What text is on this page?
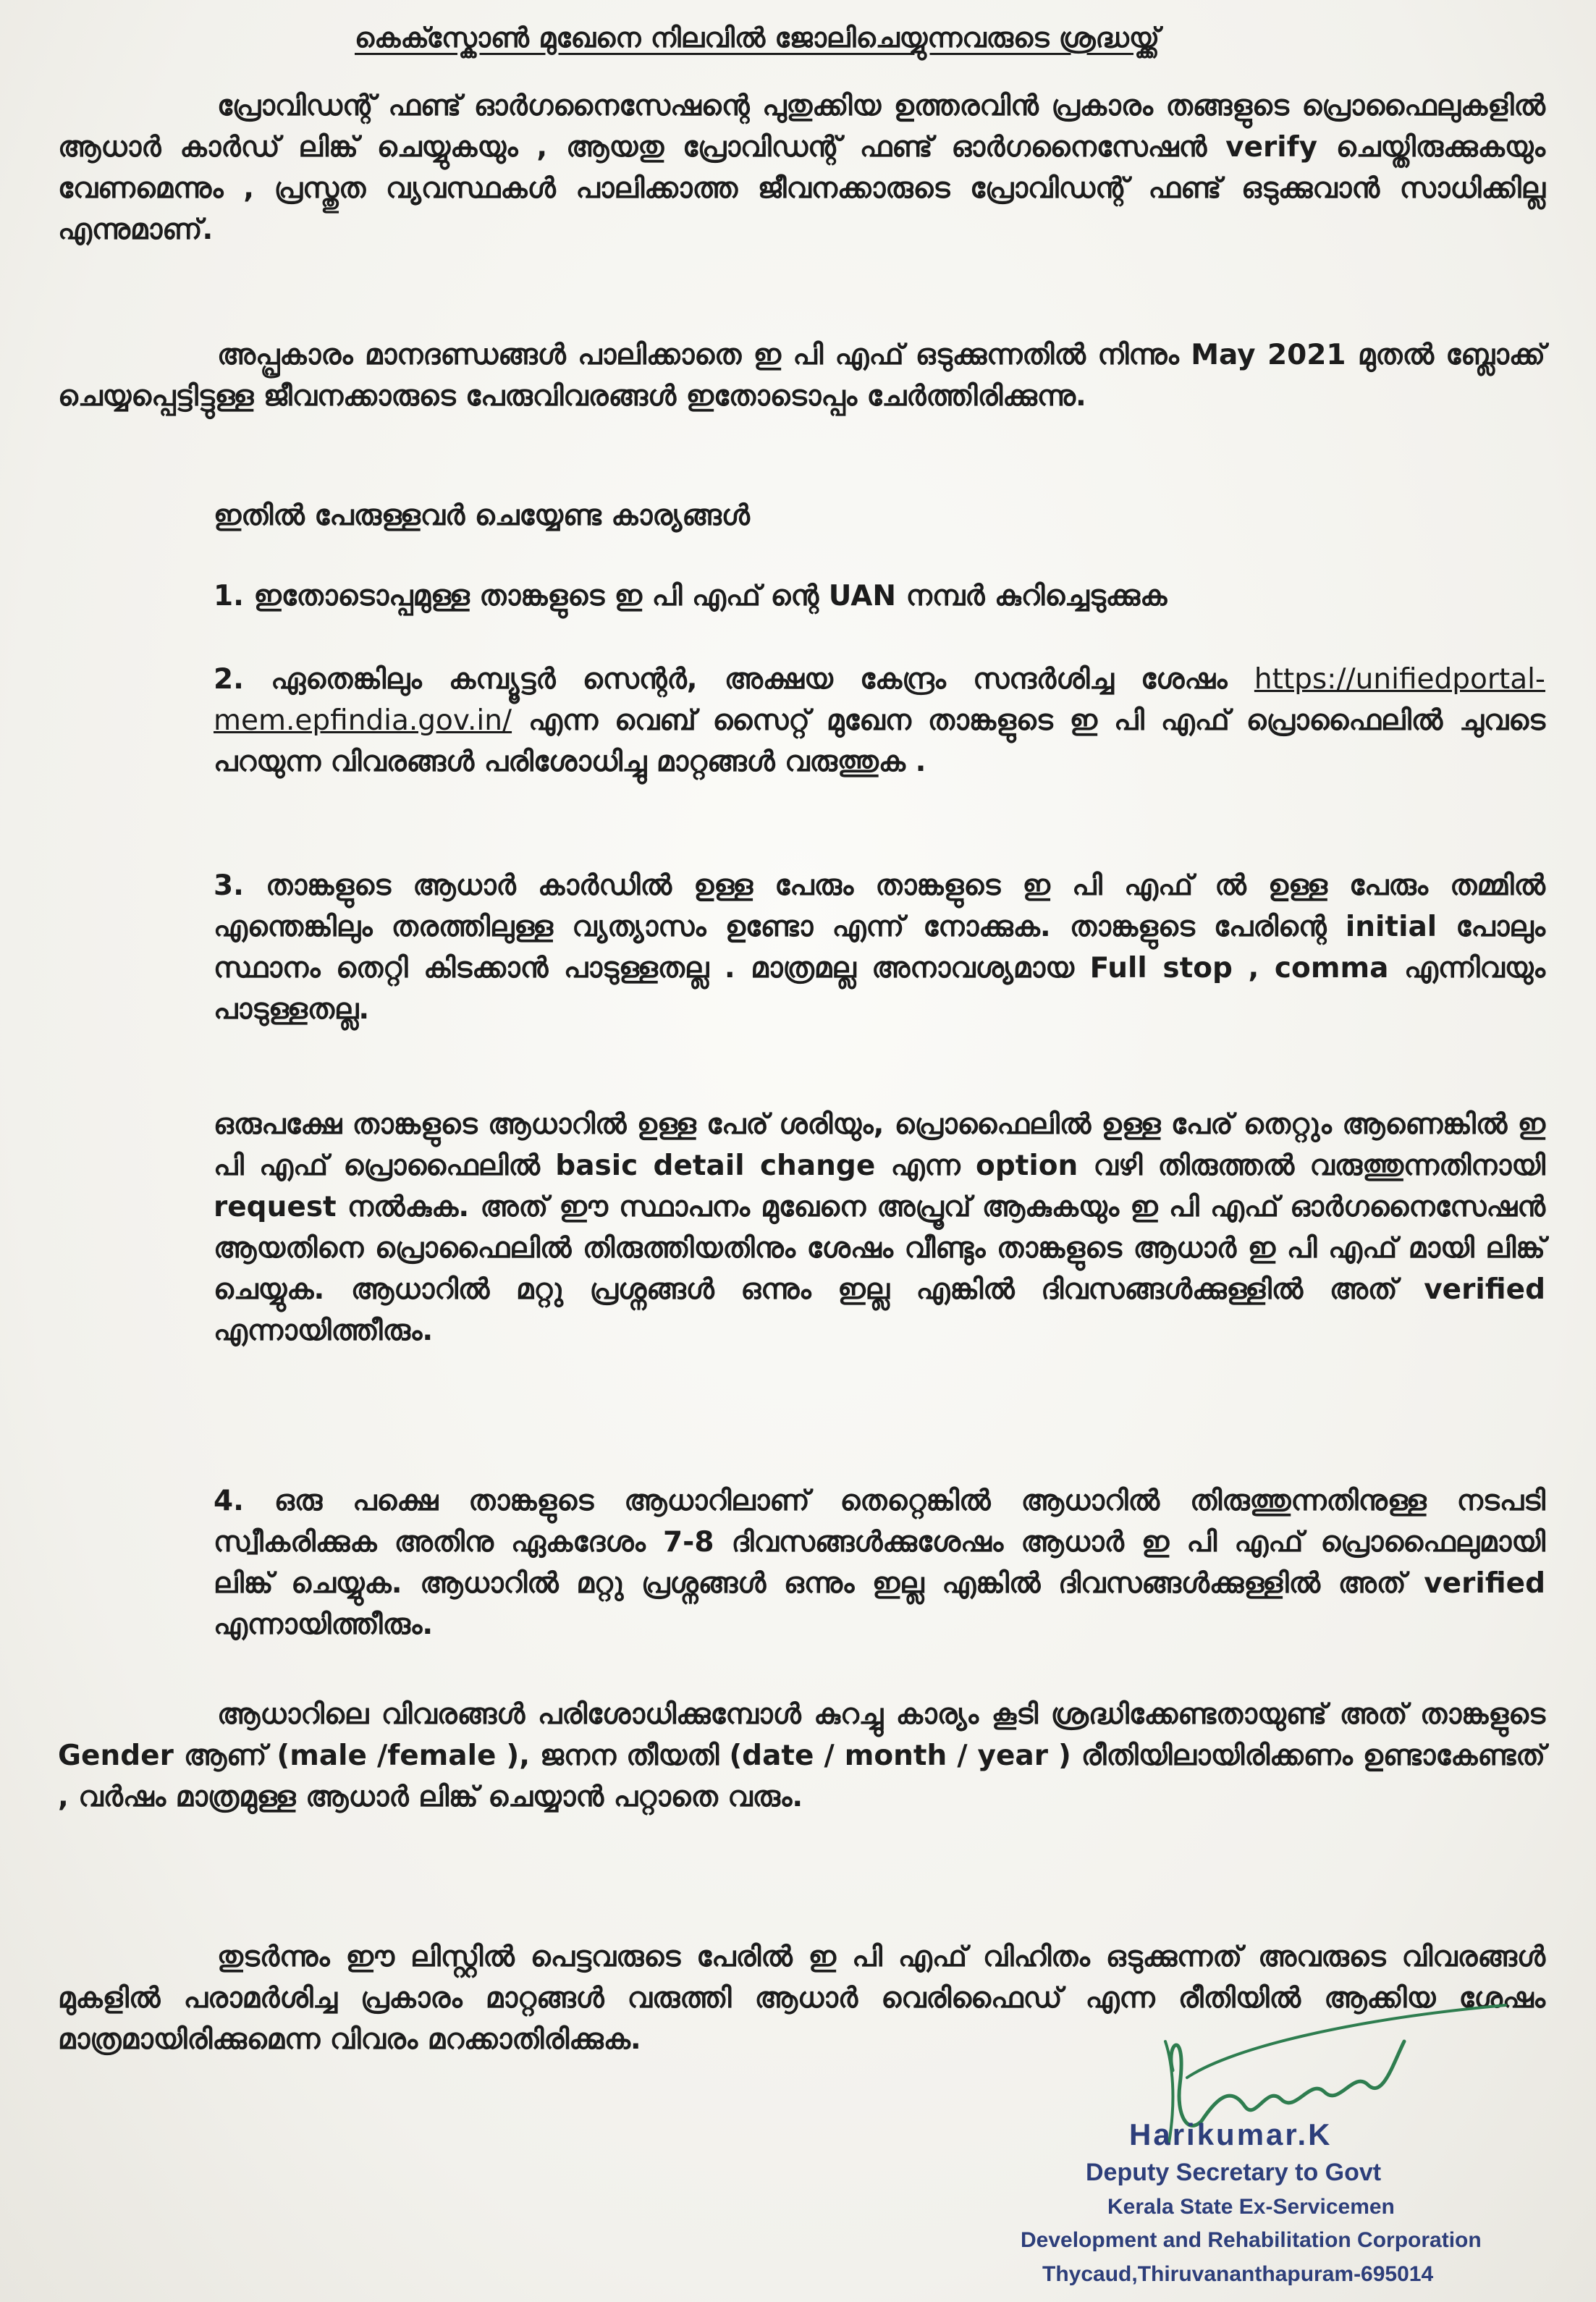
കെക്സ്കോൺ മുഖേനെ നിലവിൽ ജോലിചെയ്യുന്നവരുടെ ശ്രദ്ധയ്ക്ക്
പ്രോവിഡന്റ് ഫണ്ട് ഓർഗനൈസേഷന്റെ പുതുക്കിയ ഉത്തരവിൻ പ്രകാരം തങ്ങളുടെ പ്രൊഫൈലുകളിൽ ആധാർ കാർഡ് ലിങ്ക് ചെയ്യുകയും , ആയതു പ്രോവിഡന്റ് ഫണ്ട് ഓർഗനൈസേഷൻ verify ചെയ്തിരുക്കുകയും വേണമെന്നും , പ്രസ്തുത വ്യവസ്ഥകൾ പാലിക്കാത്ത ജീവനക്കാരുടെ പ്രോവിഡന്റ് ഫണ്ട് ഒടുക്കുവാൻ സാധിക്കില്ല എന്നുമാണ്.
അപ്പ്രകാരം മാനദണ്ഡങ്ങൾ പാലിക്കാതെ ഇ പി എഫ് ഒടുക്കുന്നതിൽ നിന്നും May 2021 മുതൽ ബ്ലോക്ക് ചെയ്യപ്പെട്ടിട്ടുള്ള ജീവനക്കാരുടെ പേരുവിവരങ്ങൾ ഇതോടൊപ്പം ചേർത്തിരിക്കുന്നു.
ഇതിൽ പേരുള്ളവർ ചെയ്യേണ്ട കാര്യങ്ങൾ
1. ഇതോടൊപ്പമുള്ള താങ്കളുടെ ഇ പി എഫ് ന്റെ UAN നമ്പർ കുറിച്ചെടുക്കുക
2. ഏതെങ്കിലും കമ്പ്യൂട്ടർ സെന്റർ, അക്ഷയ കേന്ദ്രം സന്ദർശിച്ച ശേഷം https://unifiedportal-mem.epfindia.gov.in/ എന്ന വെബ് സൈറ്റ് മുഖേന താങ്കളുടെ ഇ പി എഫ് പ്രൊഫൈലിൽ ചുവടെ പറയുന്ന വിവരങ്ങൾ പരിശോധിച്ചു മാറ്റങ്ങൾ വരുത്തുക .
3. താങ്കളുടെ ആധാർ കാർഡിൽ ഉള്ള പേരും താങ്കളുടെ ഇ പി എഫ് ൽ ഉള്ള പേരും തമ്മിൽ എന്തെങ്കിലും തരത്തിലുള്ള വ്യത്യാസം ഉണ്ടോ എന്ന് നോക്കുക. താങ്കളുടെ പേരിന്റെ initial പോലും സ്ഥാനം തെറ്റി കിടക്കാൻ പാടുള്ളതല്ല . മാത്രമല്ല അനാവശ്യമായ Full stop , comma എന്നിവയും പാടുള്ളതല്ല.
ഒരുപക്ഷേ താങ്കളുടെ ആധാറിൽ ഉള്ള പേര് ശരിയും, പ്രൊഫൈലിൽ ഉള്ള പേര് തെറ്റും ആണെങ്കിൽ ഇ പി എഫ് പ്രൊഫൈലിൽ basic detail change എന്ന option വഴി തിരുത്തൽ വരുത്തുന്നതിനായി request നൽകുക. അത് ഈ സ്ഥാപനം മുഖേനെ അപ്രൂവ് ആകുകയും ഇ പി എഫ് ഓർഗനൈസേഷൻ ആയതിനെ പ്രൊഫൈലിൽ തിരുത്തിയതിനും ശേഷം വീണ്ടും താങ്കളുടെ ആധാർ ഇ പി എഫ് മായി ലിങ്ക് ചെയ്യുക. ആധാറിൽ മറ്റു പ്രശ്നങ്ങൾ ഒന്നും ഇല്ല എങ്കിൽ ദിവസങ്ങൾക്കുള്ളിൽ അത് verified എന്നായിത്തീരും.
4. ഒരു പക്ഷെ താങ്കളുടെ ആധാറിലാണ് തെറ്റെങ്കിൽ ആധാറിൽ തിരുത്തുന്നതിനുള്ള നടപടി സ്വീകരിക്കുക അതിനു ഏകദേശം 7-8 ദിവസങ്ങൾക്കുശേഷം ആധാർ ഇ പി എഫ് പ്രൊഫൈലുമായി ലിങ്ക് ചെയ്യുക. ആധാറിൽ മറ്റു പ്രശ്നങ്ങൾ ഒന്നും ഇല്ല എങ്കിൽ ദിവസങ്ങൾക്കുള്ളിൽ അത് verified എന്നായിത്തീരും.
ആധാറിലെ വിവരങ്ങൾ പരിശോധിക്കുമ്പോൾ കുറച്ചു കാര്യം കൂടി ശ്രദ്ധിക്കേണ്ടതായുണ്ട് അത് താങ്കളുടെ Gender ആണ് (male /female ), ജനന തീയതി (date / month / year ) രീതിയിലായിരിക്കണം ഉണ്ടാകേണ്ടത് , വർഷം മാത്രമുള്ള ആധാർ ലിങ്ക് ചെയ്യാൻ പറ്റാതെ വരും.
തുടർന്നും ഈ ലിസ്റ്റിൽ പെട്ടവരുടെ പേരിൽ ഇ പി എഫ് വിഹിതം ഒടുക്കുന്നത് അവരുടെ വിവരങ്ങൾ മുകളിൽ പരാമർശിച്ച പ്രകാരം മാറ്റങ്ങൾ വരുത്തി ആധാർ വെരിഫൈഡ് എന്ന രീതിയിൽ ആക്കിയ ശേഷം മാത്രമായിരിക്കുമെന്ന വിവരം മറക്കാതിരിക്കുക.
Harikumar.K
Deputy Secretary to Govt
Kerala State Ex-Servicemen
Development and Rehabilitation Corporation
Thycaud,Thiruvananthapuram-695014
